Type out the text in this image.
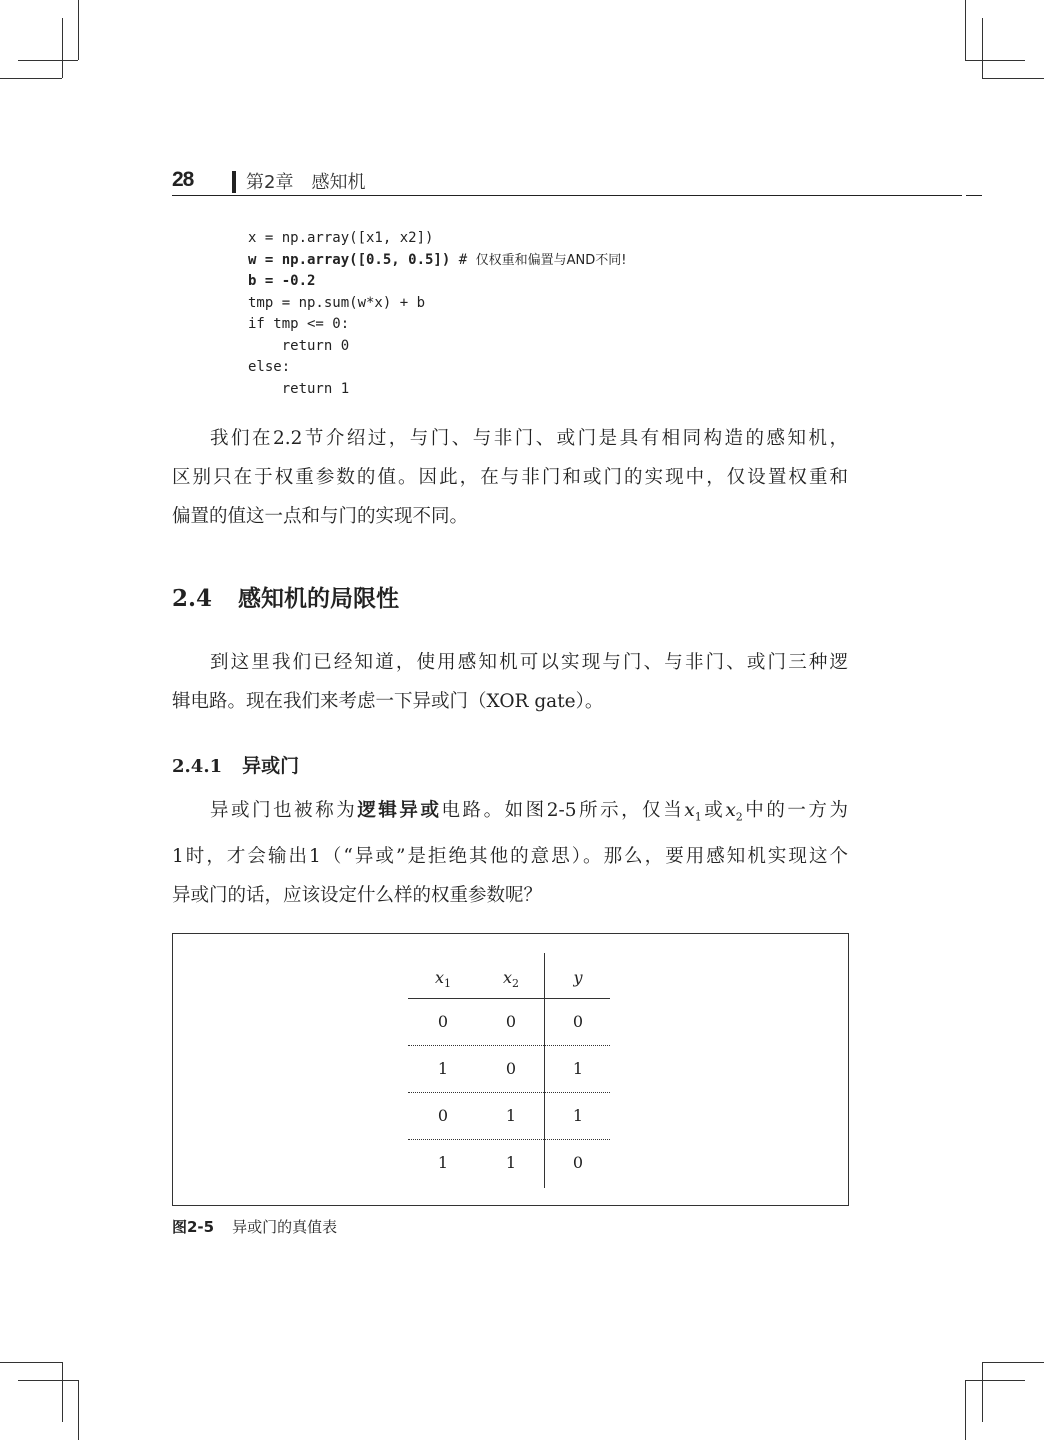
28	第2章　感知机
x = np.array([x1, x2])
w = np.array([0.5, 0.5]) # 仅权重和偏置与AND不同!
b = -0.2
tmp = np.sum(w*x) + b
if tmp <= 0:
return 0
else:
return 1
我们在2.2节介绍过，与门、与非门、或门是具有相同构造的感知机，
区别只在于权重参数的值。因此，在与非门和或门的实现中，仅设置权重和
偏置的值这一点和与门的实现不同。
2.4 感知机的局限性
到这里我们已经知道，使用感知机可以实现与门、与非门、或门三种逻
辑电路。现在我们来考虑一下异或门（XOR gate）。
2.4.1 异或门
异或门也被称为逻辑异或电路。如图2-5所示，仅当$x_1$或$x_2$中的一方为
1时，才会输出1（“异或”是拒绝其他的意思）。那么，要用感知机实现这个
异或门的话，应该设定什么样的权重参数呢？
$x_1$	$x_2$	y
0	0	0
1	0	1
0	1	1
1	1	0
图2-5 异或门的真值表
